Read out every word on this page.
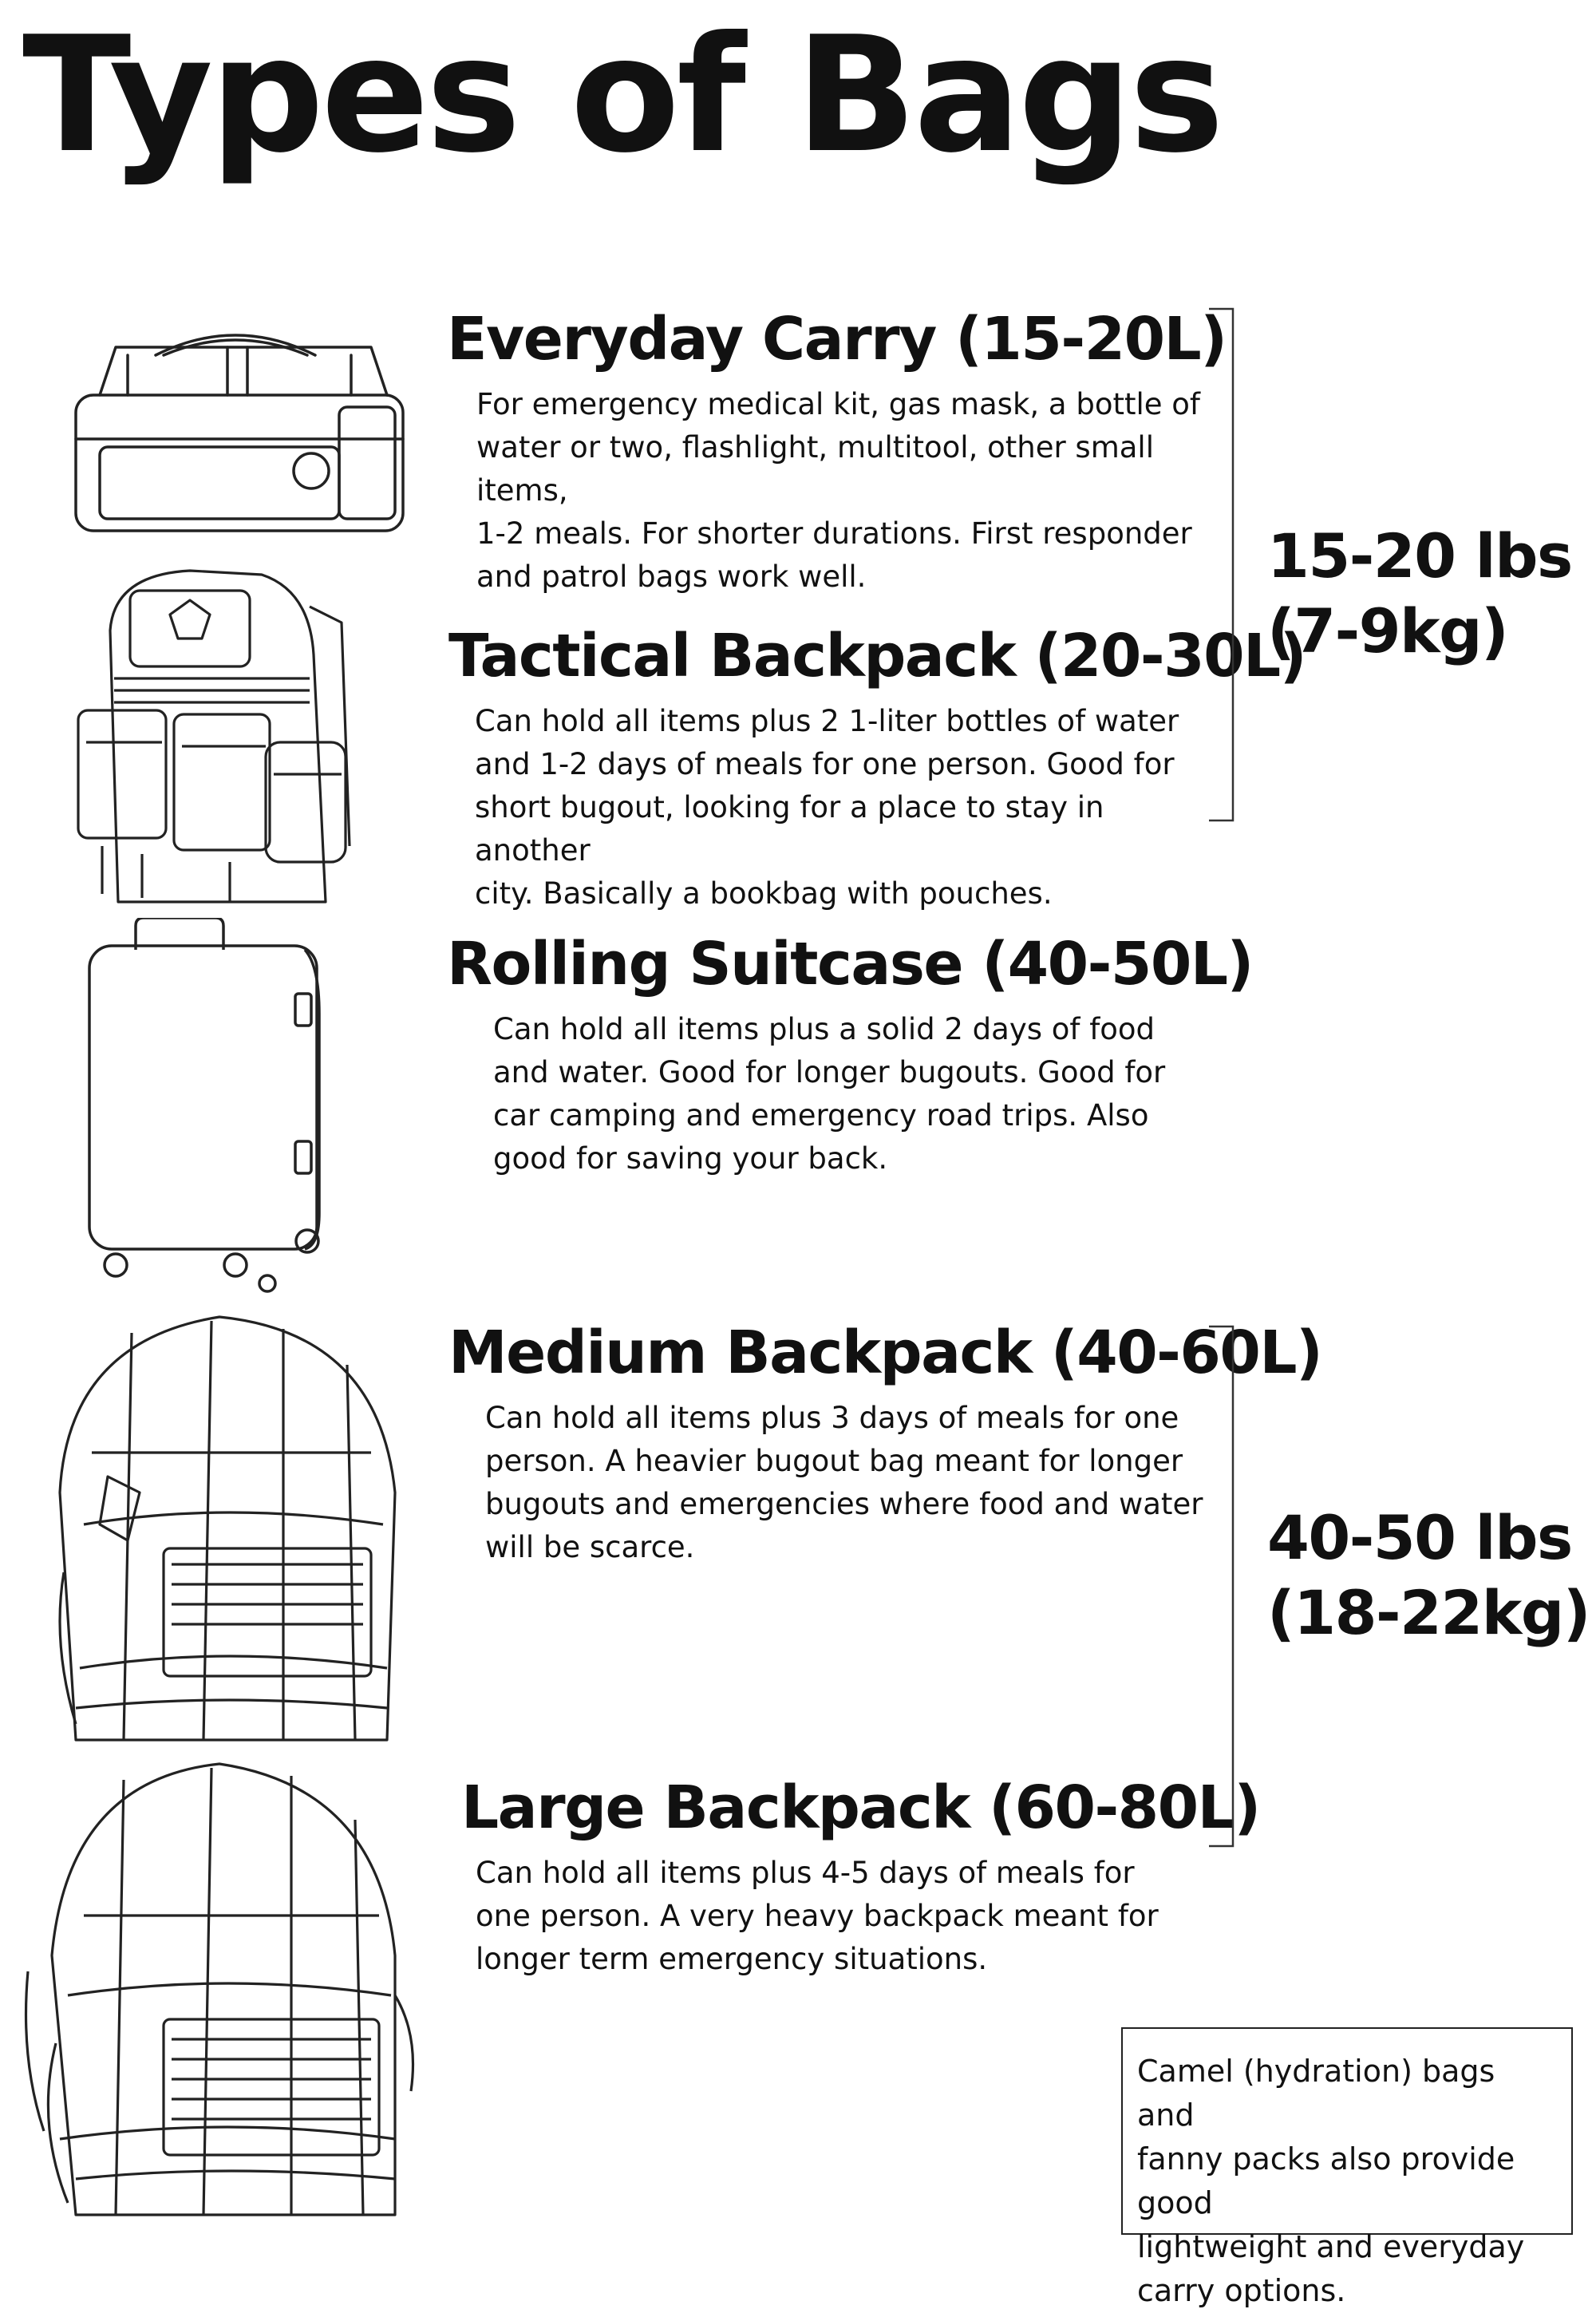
Types of Bags
Everyday Carry (15-20L)
For emergency medical kit, gas mask, a bottle of
water or two, flashlight, multitool, other small items,
1-2 meals. For shorter durations. First responder
and patrol bags work well.
Tactical Backpack (20-30L)
Can hold all items plus 2 1-liter bottles of water
and 1-2 days of meals for one person. Good for
short bugout, looking for a place to stay in another
city. Basically a bookbag with pouches.
Rolling Suitcase (40-50L)
Can hold all items plus a solid 2 days of food
and water. Good for longer bugouts. Good for
car camping and emergency road trips. Also
good for saving your back.
Medium Backpack (40-60L)
Can hold all items plus 3 days of meals for one
person. A heavier bugout bag meant for longer
bugouts and emergencies where food and water
will be scarce.
Large Backpack (60-80L)
Can hold all items plus 4-5 days of meals for
one person. A very heavy backpack meant for
longer term emergency situations.
15-20 lbs
(7-9kg)
40-50 lbs
(18-22kg)
Camel (hydration) bags and
fanny packs also provide good
lightweight and everyday
carry options.
